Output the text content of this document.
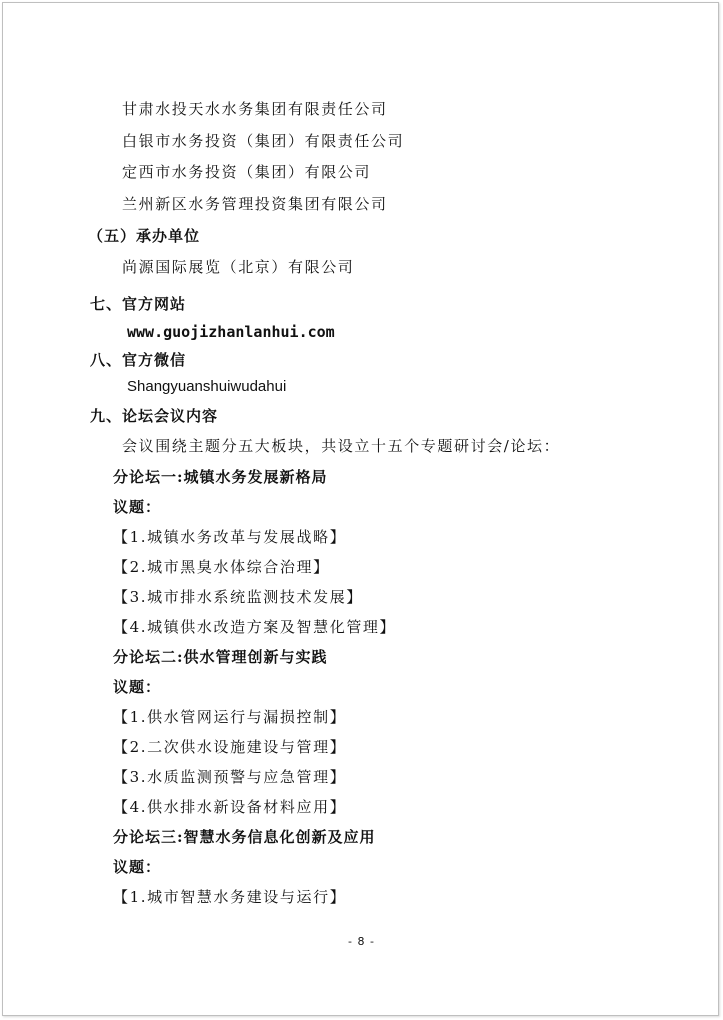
甘肃水投天水水务集团有限责任公司
白银市水务投资（集团）有限责任公司
定西市水务投资（集团）有限公司
兰州新区水务管理投资集团有限公司
（五）承办单位
尚源国际展览（北京）有限公司
七、官方网站
www.guojizhanlanhui.com
八、官方微信
Shangyuanshuiwudahui
九、论坛会议内容
会议围绕主题分五大板块，共设立十五个专题研讨会/论坛：
分论坛一:城镇水务发展新格局
议题：
【1.城镇水务改革与发展战略】
【2.城市黑臭水体综合治理】
【3.城市排水系统监测技术发展】
【4.城镇供水改造方案及智慧化管理】
分论坛二:供水管理创新与实践
议题：
【1.供水管网运行与漏损控制】
【2.二次供水设施建设与管理】
【3.水质监测预警与应急管理】
【4.供水排水新设备材料应用】
分论坛三:智慧水务信息化创新及应用
议题：
【1.城市智慧水务建设与运行】
- 8 -
